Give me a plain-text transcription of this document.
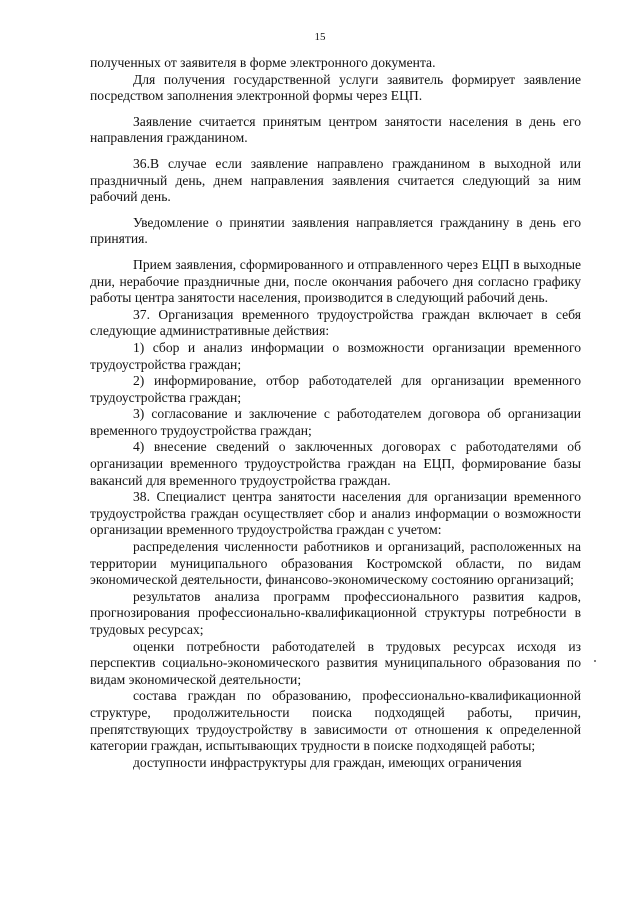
15

полученных от заявителя в форме электронного документа.

Для получения государственной услуги заявитель формирует заявление посредством заполнения электронной формы через ЕЦП.

Заявление считается принятым центром занятости населения в день его направления гражданином.

36.В случае если заявление направлено гражданином в выходной или праздничный день, днем направления заявления считается следующий за ним рабочий день.

Уведомление о принятии заявления направляется гражданину в день его принятия.

Прием заявления, сформированного и отправленного через ЕЦП в выходные дни, нерабочие праздничные дни, после окончания рабочего дня согласно графику работы центра занятости населения, производится в следующий рабочий день.

37. Организация временного трудоустройства граждан включает в себя следующие административные действия:

1) сбор и анализ информации о возможности организации временного трудоустройства граждан;

2) информирование, отбор работодателей для организации временного трудоустройства граждан;

3) согласование и заключение с работодателем договора об организации временного трудоустройства граждан;

4) внесение сведений о заключенных договорах с работодателями об организации временного трудоустройства граждан на ЕЦП, формирование базы вакансий для временного трудоустройства граждан.

38. Специалист центра занятости населения для организации временного трудоустройства граждан осуществляет сбор и анализ информации о возможности организации временного трудоустройства граждан с учетом:

распределения численности работников и организаций, расположенных на территории муниципального образования Костромской области, по видам экономической деятельности, финансово-экономическому состоянию организаций;

результатов анализа программ профессионального развития кадров, прогнозирования профессионально-квалификационной структуры потребности в трудовых ресурсах;

оценки потребности работодателей в трудовых ресурсах исходя из перспектив социально-экономического развития муниципального образования по видам экономической деятельности;

состава граждан по образованию, профессионально-квалификационной структуре, продолжительности поиска подходящей работы, причин, препятствующих трудоустройству в зависимости от отношения к определенной категории граждан, испытывающих трудности в поиске подходящей работы;

доступности инфраструктуры для граждан, имеющих ограничения
